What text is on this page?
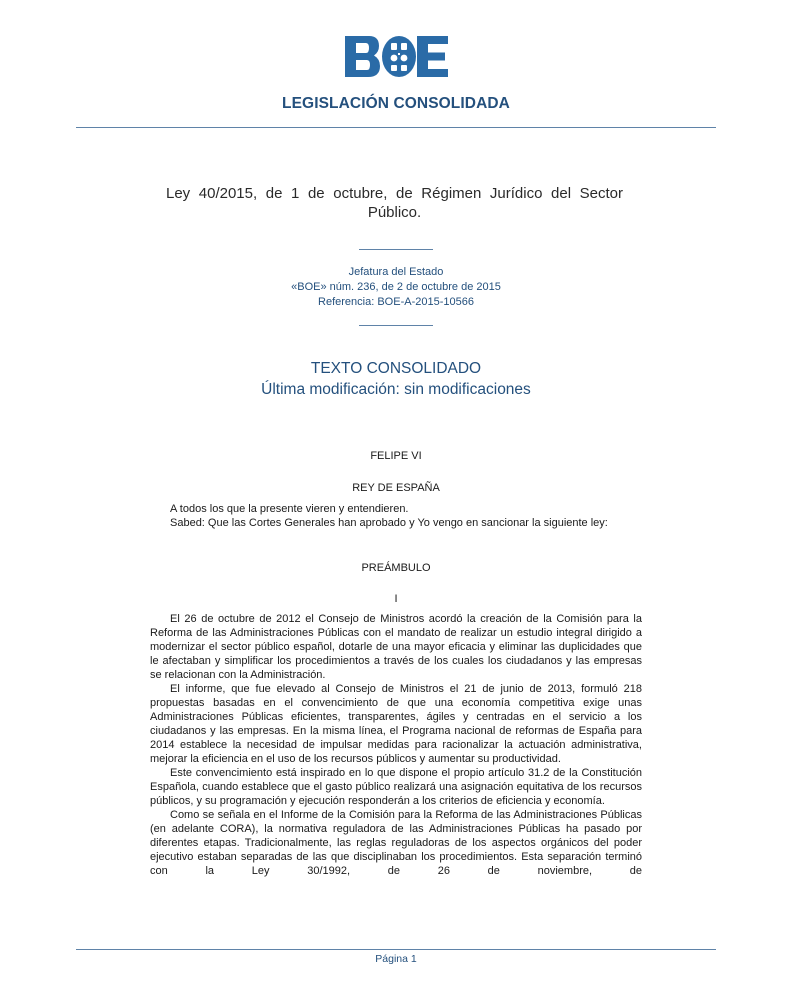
LEGISLACIÓN CONSOLIDADA
Ley 40/2015, de 1 de octubre, de Régimen Jurídico del Sector Público.
Jefatura del Estado
«BOE» núm. 236, de 2 de octubre de 2015
Referencia: BOE-A-2015-10566
TEXTO CONSOLIDADO
Última modificación: sin modificaciones
FELIPE VI
REY DE ESPAÑA

A todos los que la presente vieren y entendieren.

Sabed: Que las Cortes Generales han aprobado y Yo vengo en sancionar la siguiente ley:

PREÁMBULO
I

El 26 de octubre de 2012 el Consejo de Ministros acordó la creación de la Comisión para la Reforma de las Administraciones Públicas con el mandato de realizar un estudio integral dirigido a modernizar el sector público español, dotarle de una mayor eficacia y eliminar las duplicidades que le afectaban y simplificar los procedimientos a través de los cuales los ciudadanos y las empresas se relacionan con la Administración.

El informe, que fue elevado al Consejo de Ministros el 21 de junio de 2013, formuló 218 propuestas basadas en el convencimiento de que una economía competitiva exige unas Administraciones Públicas eficientes, transparentes, ágiles y centradas en el servicio a los ciudadanos y las empresas. En la misma línea, el Programa nacional de reformas de España para 2014 establece la necesidad de impulsar medidas para racionalizar la actuación administrativa, mejorar la eficiencia en el uso de los recursos públicos y aumentar su productividad.

Este convencimiento está inspirado en lo que dispone el propio artículo 31.2 de la Constitución Española, cuando establece que el gasto público realizará una asignación equitativa de los recursos públicos, y su programación y ejecución responderán a los criterios de eficiencia y economía.

Como se señala en el Informe de la Comisión para la Reforma de las Administraciones Públicas (en adelante CORA), la normativa reguladora de las Administraciones Públicas ha pasado por diferentes etapas. Tradicionalmente, las reglas reguladoras de los aspectos orgánicos del poder ejecutivo estaban separadas de las que disciplinaban los procedimientos. Esta separación terminó con la Ley 30/1992, de 26 de noviembre, de

Página 1
